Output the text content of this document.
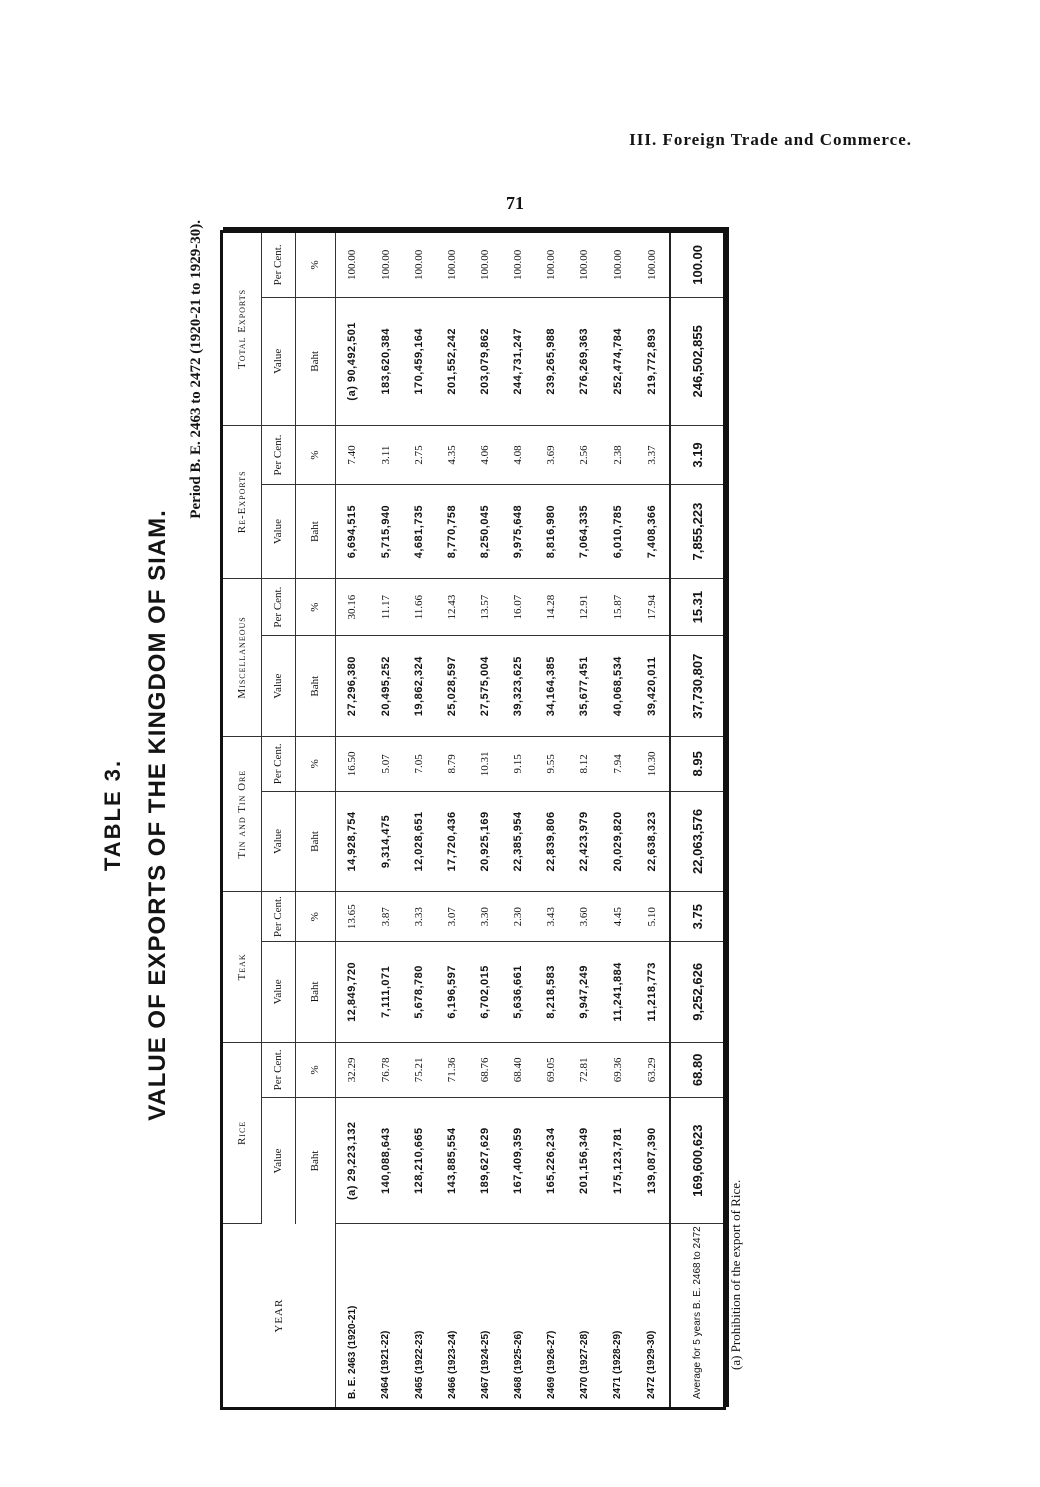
III. Foreign Trade and Commerce.
71
TABLE 3. VALUE OF EXPORTS OF THE KINGDOM OF SIAM.
Period B. E. 2463 to 2472 (1920-21 to 1929-30).
YEAR	Rice		Teak		Tin and Tin Ore		Miscellaneous		Re-Exports		Total Exports	
	Value	Per Cent.	Value	Per Cent.	Value	Per Cent.	Value	Per Cent.	Value	Per Cent.	Value	Per Cent.
	Baht	%	Baht	%	Baht	%	Baht	%	Baht	%	Baht	%
B. E. 2463 (1920-21)	(a) 29,223,132	32.29	12,849,720	13.65	14,928,754	16.50	27,296,380	30.16	6,694,515	7.40	(a) 90,492,501	100.00
2464 (1921-22)	140,088,643	76.78	7,111,071	3.87	9,314,475	5.07	20,495,252	11.17	5,715,940	3.11	183,620,384	100.00
2465 (1922-23)	128,210,665	75.21	5,678,780	3.33	12,028,651	7.05	19,862,324	11.66	4,681,735	2.75	170,459,164	100.00
2466 (1923-24)	143,885,554	71.36	6,196,597	3.07	17,720,436	8.79	25,028,597	12.43	8,770,758	4.35	201,552,242	100.00
2467 (1924-25)	189,627,629	68.76	6,702,015	3.30	20,925,169	10.31	27,575,004	13.57	8,250,045	4.06	203,079,862	100.00
2468 (1925-26)	167,409,359	68.40	5,636,661	2.30	22,385,954	9.15	39,323,625	16.07	9,975,648	4.08	244,731,247	100.00
2469 (1926-27)	165,226,234	69.05	8,218,583	3.43	22,839,806	9.55	34,164,385	14.28	8,816,980	3.69	239,265,988	100.00
2470 (1927-28)	201,156,349	72.81	9,947,249	3.60	22,423,979	8.12	35,677,451	12.91	7,064,335	2.56	276,269,363	100.00
2471 (1928-29)	175,123,781	69.36	11,241,884	4.45	20,029,820	7.94	40,068,534	15.87	6,010,785	2.38	252,474,784	100.00
2472 (1929-30)	139,087,390	63.29	11,218,773	5.10	22,638,323	10.30	39,420,011	17.94	7,408,366	3.37	219,772,893	100.00
Average for 5 years B. E. 2468 to 2472	169,600,623	68.80	9,252,626	3.75	22,063,576	8.95	37,730,807	15.31	7,855,223	3.19	246,502,855	100.00
(a) Prohibition of the export of Rice.
